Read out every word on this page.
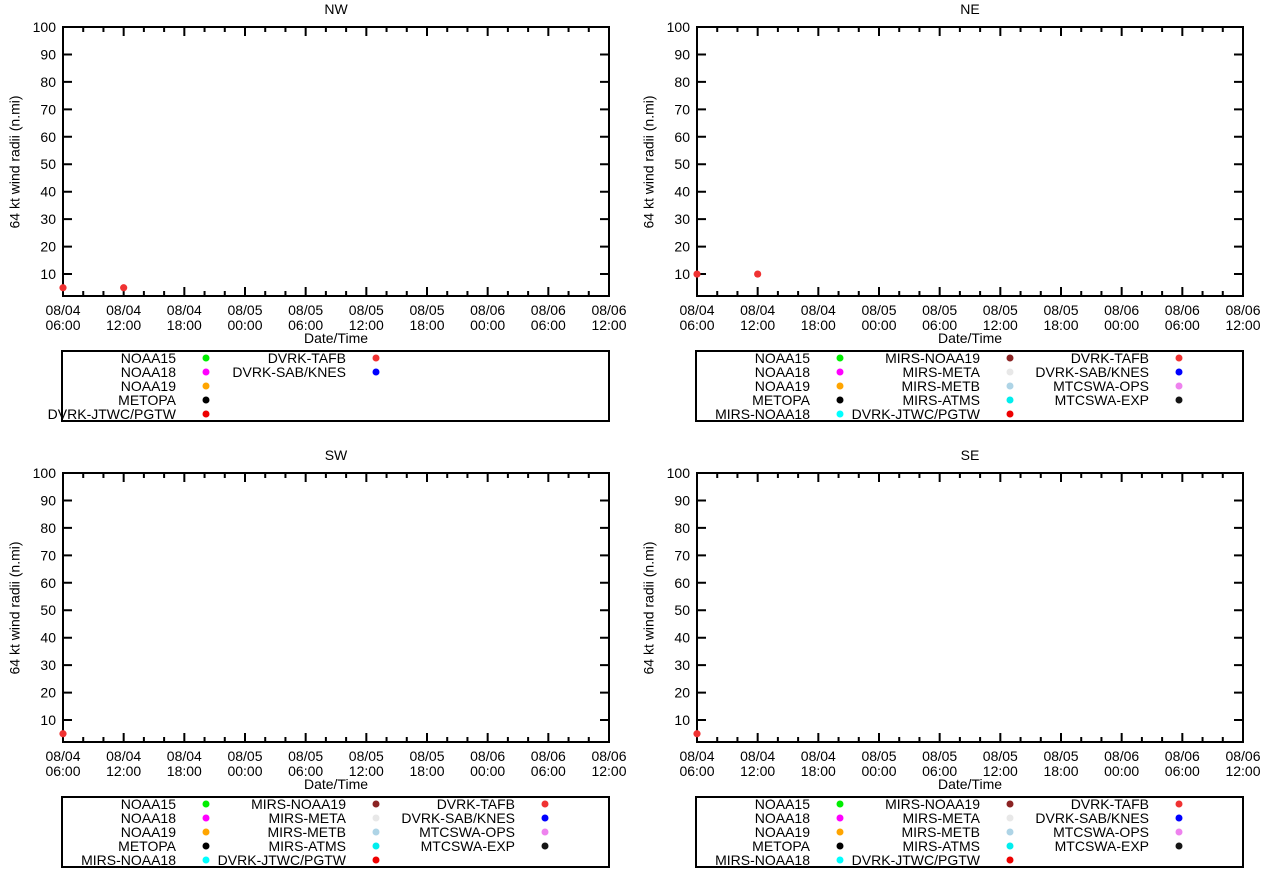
NW
64 kt wind radii (n.mi)
Date/Time
10
20
30
40
50
60
70
80
90
100
08/04
06:00
08/04
12:00
08/04
18:00
08/05
00:00
08/05
06:00
08/05
12:00
08/05
18:00
08/06
00:00
08/06
06:00
08/06
12:00
NOAA15
NOAA18
NOAA19
METOPA
DVRK-JTWC/PGTW
DVRK-TAFB
DVRK-SAB/KNES
NE
64 kt wind radii (n.mi)
Date/Time
10
20
30
40
50
60
70
80
90
100
08/04
06:00
08/04
12:00
08/04
18:00
08/05
00:00
08/05
06:00
08/05
12:00
08/05
18:00
08/06
00:00
08/06
06:00
08/06
12:00
NOAA15
NOAA18
NOAA19
METOPA
MIRS-NOAA18
MIRS-NOAA19
MIRS-META
MIRS-METB
MIRS-ATMS
DVRK-JTWC/PGTW
DVRK-TAFB
DVRK-SAB/KNES
MTCSWA-OPS
MTCSWA-EXP
SW
64 kt wind radii (n.mi)
Date/Time
10
20
30
40
50
60
70
80
90
100
08/04
06:00
08/04
12:00
08/04
18:00
08/05
00:00
08/05
06:00
08/05
12:00
08/05
18:00
08/06
00:00
08/06
06:00
08/06
12:00
NOAA15
NOAA18
NOAA19
METOPA
MIRS-NOAA18
MIRS-NOAA19
MIRS-META
MIRS-METB
MIRS-ATMS
DVRK-JTWC/PGTW
DVRK-TAFB
DVRK-SAB/KNES
MTCSWA-OPS
MTCSWA-EXP
SE
64 kt wind radii (n.mi)
Date/Time
10
20
30
40
50
60
70
80
90
100
08/04
06:00
08/04
12:00
08/04
18:00
08/05
00:00
08/05
06:00
08/05
12:00
08/05
18:00
08/06
00:00
08/06
06:00
08/06
12:00
NOAA15
NOAA18
NOAA19
METOPA
MIRS-NOAA18
MIRS-NOAA19
MIRS-META
MIRS-METB
MIRS-ATMS
DVRK-JTWC/PGTW
DVRK-TAFB
DVRK-SAB/KNES
MTCSWA-OPS
MTCSWA-EXP
